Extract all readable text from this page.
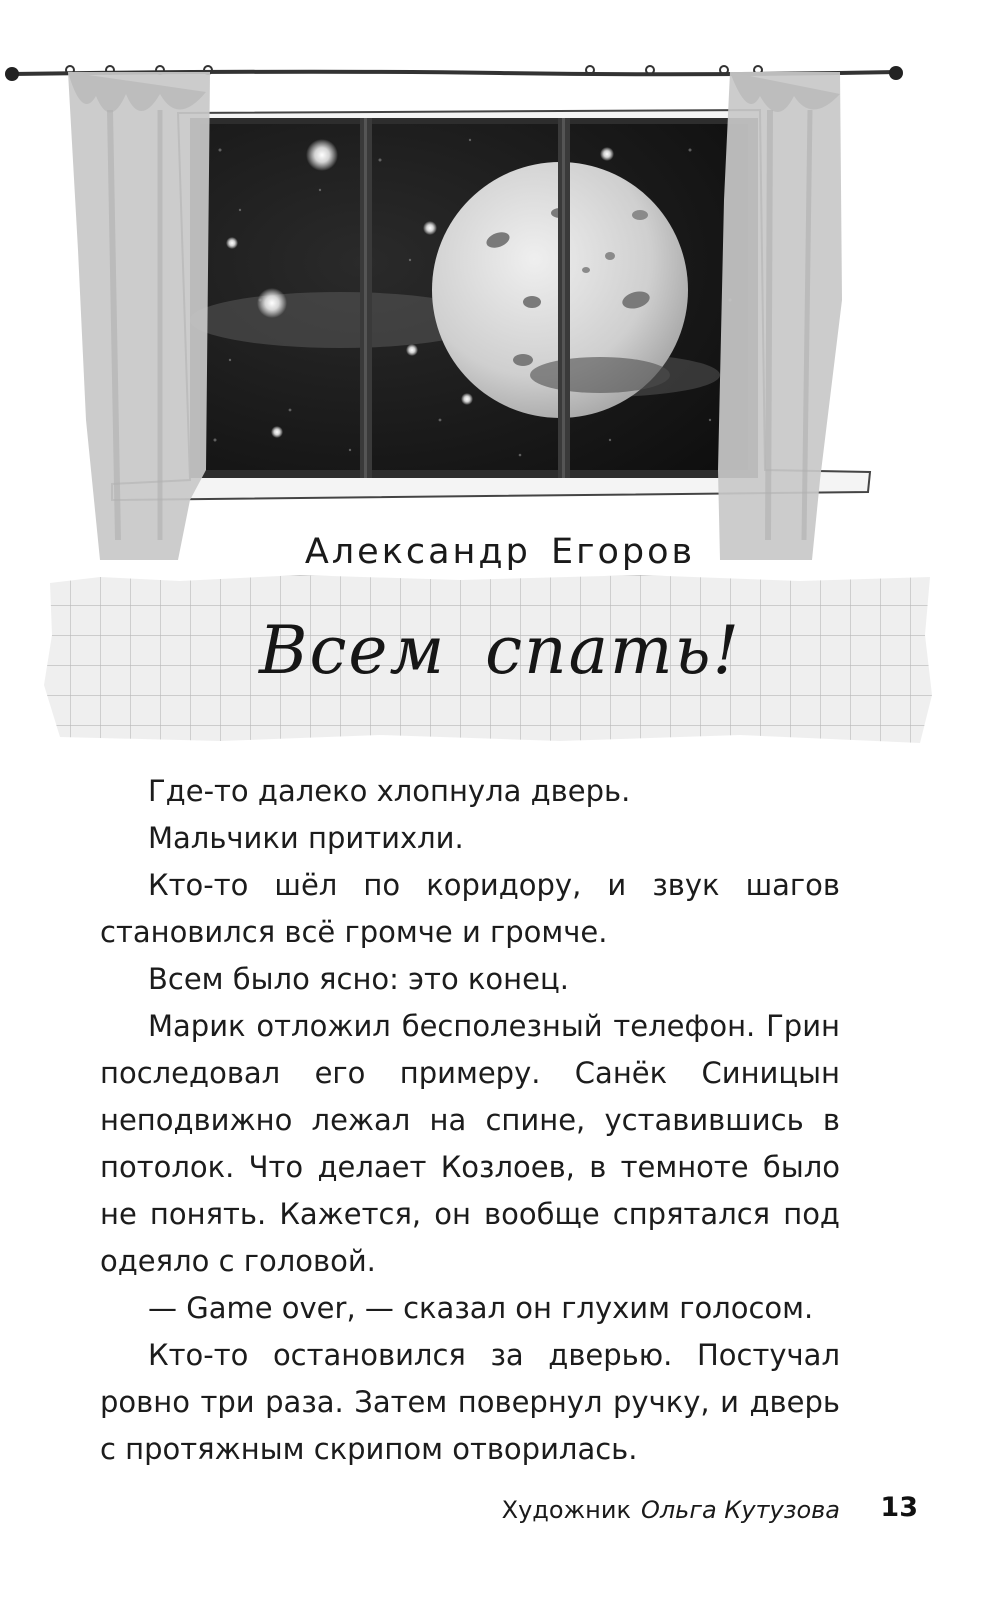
Александр Егоров
Всем спать!

Где-то далеко хлопнула дверь.

Мальчики притихли.

Кто-то шёл по коридору, и звук шагов становился всё громче и громче.

Всем было ясно: это конец.

Марик отложил бесполезный телефон. Грин последовал его примеру. Санёк Синицын неподвижно лежал на спине, уставившись в потолок. Что делает Козлоев, в темноте было не понять. Кажется, он вообще спрятался под одеяло с головой.

— Game over, — сказал он глухим голосом.

Кто-то остановился за дверью. Постучал ровно три раза. Затем повернул ручку, и дверь с протяжным скрипом отворилась.

Художник Ольга Кутузова 13
